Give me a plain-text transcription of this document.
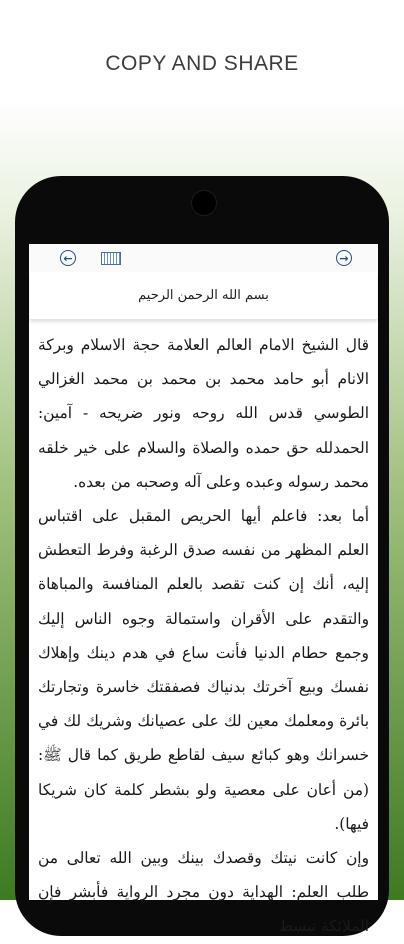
COPY AND SHARE
←	→
بسم الله الرحمن الرحيم

قال الشيخ الامام العالم العلامة حجة الاسلام وبركة الانام أبو حامد محمد بن محمد بن محمد الغزالي الطوسي قدس الله روحه ونور ضريحه - آمين: الحمدلله حق حمده والصلاة والسلام على خير خلقه محمد رسوله وعبده وعلى آله وصحبه من بعده.

أما بعد: فاعلم أيها الحريص المقبل على اقتباس العلم المظهر من نفسه صدق الرغبة وفرط التعطش إليه، أنك إن كنت تقصد بالعلم المنافسة والمباهاة والتقدم على الأقران واستمالة وجوه الناس إليك وجمع حطام الدنيا فأنت ساع في هدم دينك وإهلاك نفسك وبيع آخرتك بدنياك فصفقتك خاسرة وتجارتك بائرة ومعلمك معين لك على عصيانك وشريك لك في خسرانك وهو كبائع سيف لقاطع طريق كما قال ﷺ: (من أعان على معصية ولو بشطر كلمة كان شريكا فيها).

وإن كانت نيتك وقصدك بينك وبين الله تعالى من طلب العلم: الهداية دون مجرد الرواية فأبشر فإن الملائكة تبسط
